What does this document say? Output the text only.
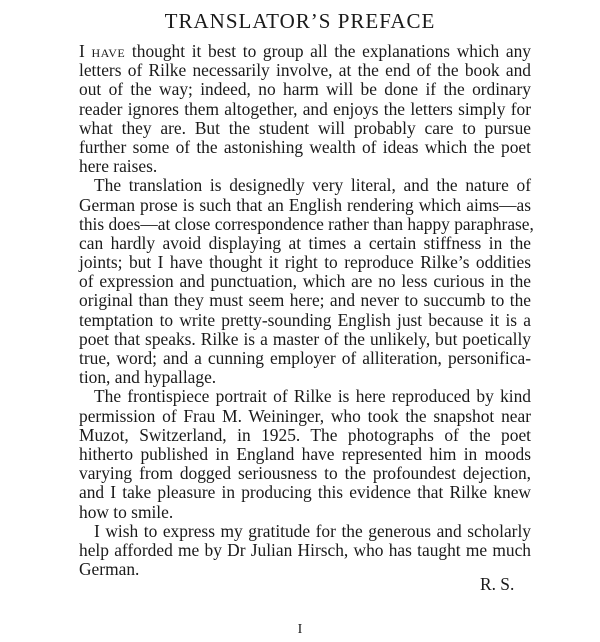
TRANSLATOR’S PREFACE
I have thought it best to group all the explanations which any
letters of Rilke necessarily involve, at the end of the book and
out of the way; indeed, no harm will be done if the ordinary
reader ignores them altogether, and enjoys the letters simply for
what they are. But the student will probably care to pursue
further some of the astonishing wealth of ideas which the poet
here raises.
The translation is designedly very literal, and the nature of
German prose is such that an English rendering which aims—as
this does—at close correspondence rather than happy paraphrase,
can hardly avoid displaying at times a certain stiffness in the
joints; but I have thought it right to reproduce Rilke’s oddities
of expression and punctuation, which are no less curious in the
original than they must seem here; and never to succumb to the
temptation to write pretty-sounding English just because it is a
poet that speaks. Rilke is a master of the unlikely, but poetically
true, word; and a cunning employer of alliteration, personifica-
tion, and hypallage.
The frontispiece portrait of Rilke is here reproduced by kind
permission of Frau M. Weininger, who took the snapshot near
Muzot, Switzerland, in 1925. The photographs of the poet
hitherto published in England have represented him in moods
varying from dogged seriousness to the profoundest dejection,
and I take pleasure in producing this evidence that Rilke knew
how to smile.
I wish to express my gratitude for the generous and scholarly
help afforded me by Dr Julian Hirsch, who has taught me much
German.
R. S.
I
